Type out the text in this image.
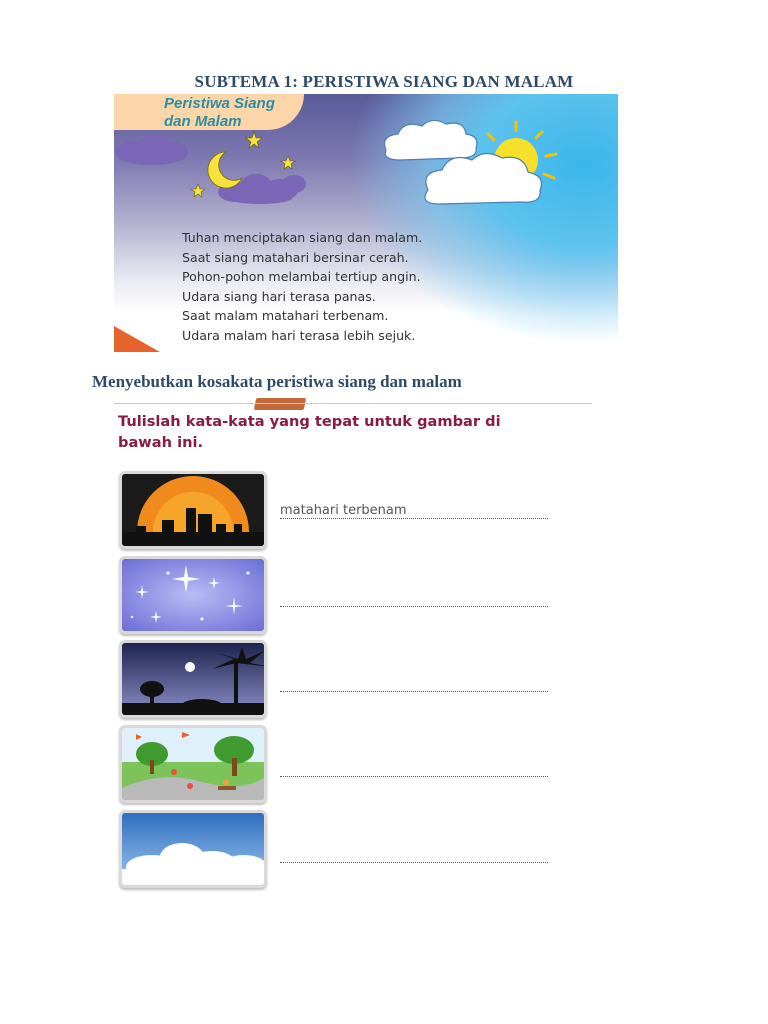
SUBTEMA 1: PERISTIWA SIANG DAN MALAM
Peristiwa Siang
dan Malam
Tuhan menciptakan siang dan malam.
Saat siang matahari bersinar cerah.
Pohon-pohon melambai tertiup angin.
Udara siang hari terasa panas.
Saat malam matahari terbenam.
Udara malam hari terasa lebih sejuk.
Menyebutkan kosakata peristiwa siang dan malam
Tulislah kata-kata yang tepat untuk gambar di
bawah ini.
matahari terbenam
